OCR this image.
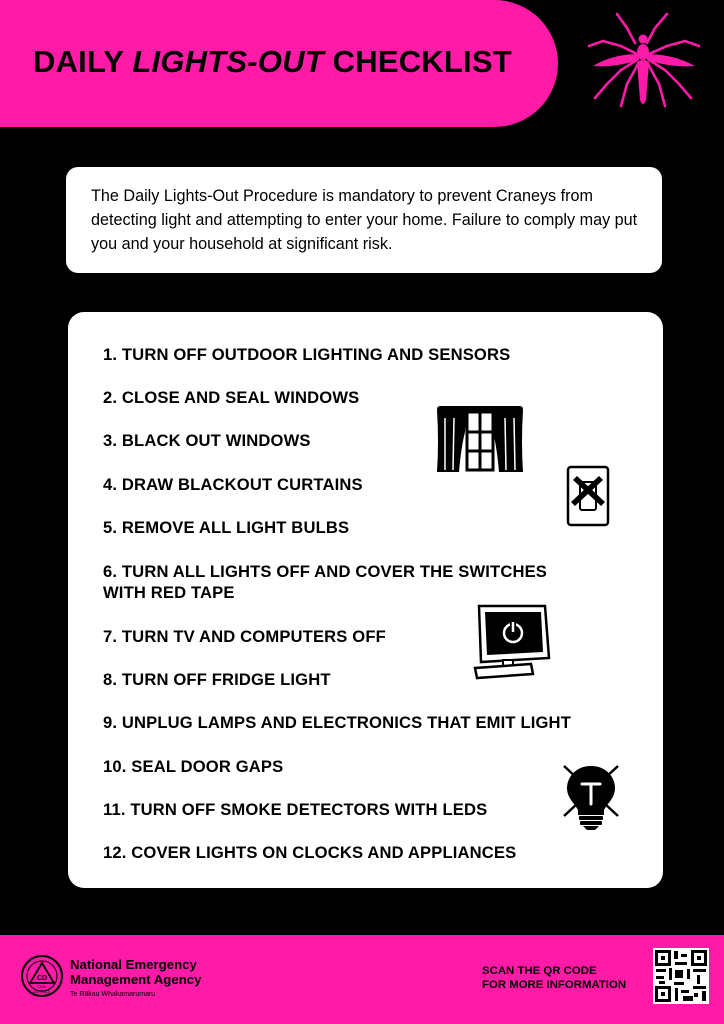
DAILY LIGHTS-OUT CHECKLIST

The Daily Lights-Out Procedure is mandatory to prevent Craneys from detecting light and attempting to enter your home. Failure to comply may put you and your household at significant risk.

1. TURN OFF OUTDOOR LIGHTING AND SENSORS
2. CLOSE AND SEAL WINDOWS
3. BLACK OUT WINDOWS
4. DRAW BLACKOUT CURTAINS
5. REMOVE ALL LIGHT BULBS
6. TURN ALL LIGHTS OFF AND COVER THE SWITCHES
WITH RED TAPE
7. TURN TV AND COMPUTERS OFF
8. TURN OFF FRIDGE LIGHT
9. UNPLUG LAMPS AND ELECTRONICS THAT EMIT LIGHT
10. SEAL DOOR GAPS
11. TURN OFF SMOKE DETECTORS WITH LEDS
12. COVER LIGHTS ON CLOCKS AND APPLIANCES
CD
CIVIL
DEFENCE
National Emergency
Management Agency
Te Rākau Whakamarumaru
SCAN THE QR CODE
FOR MORE INFORMATION
